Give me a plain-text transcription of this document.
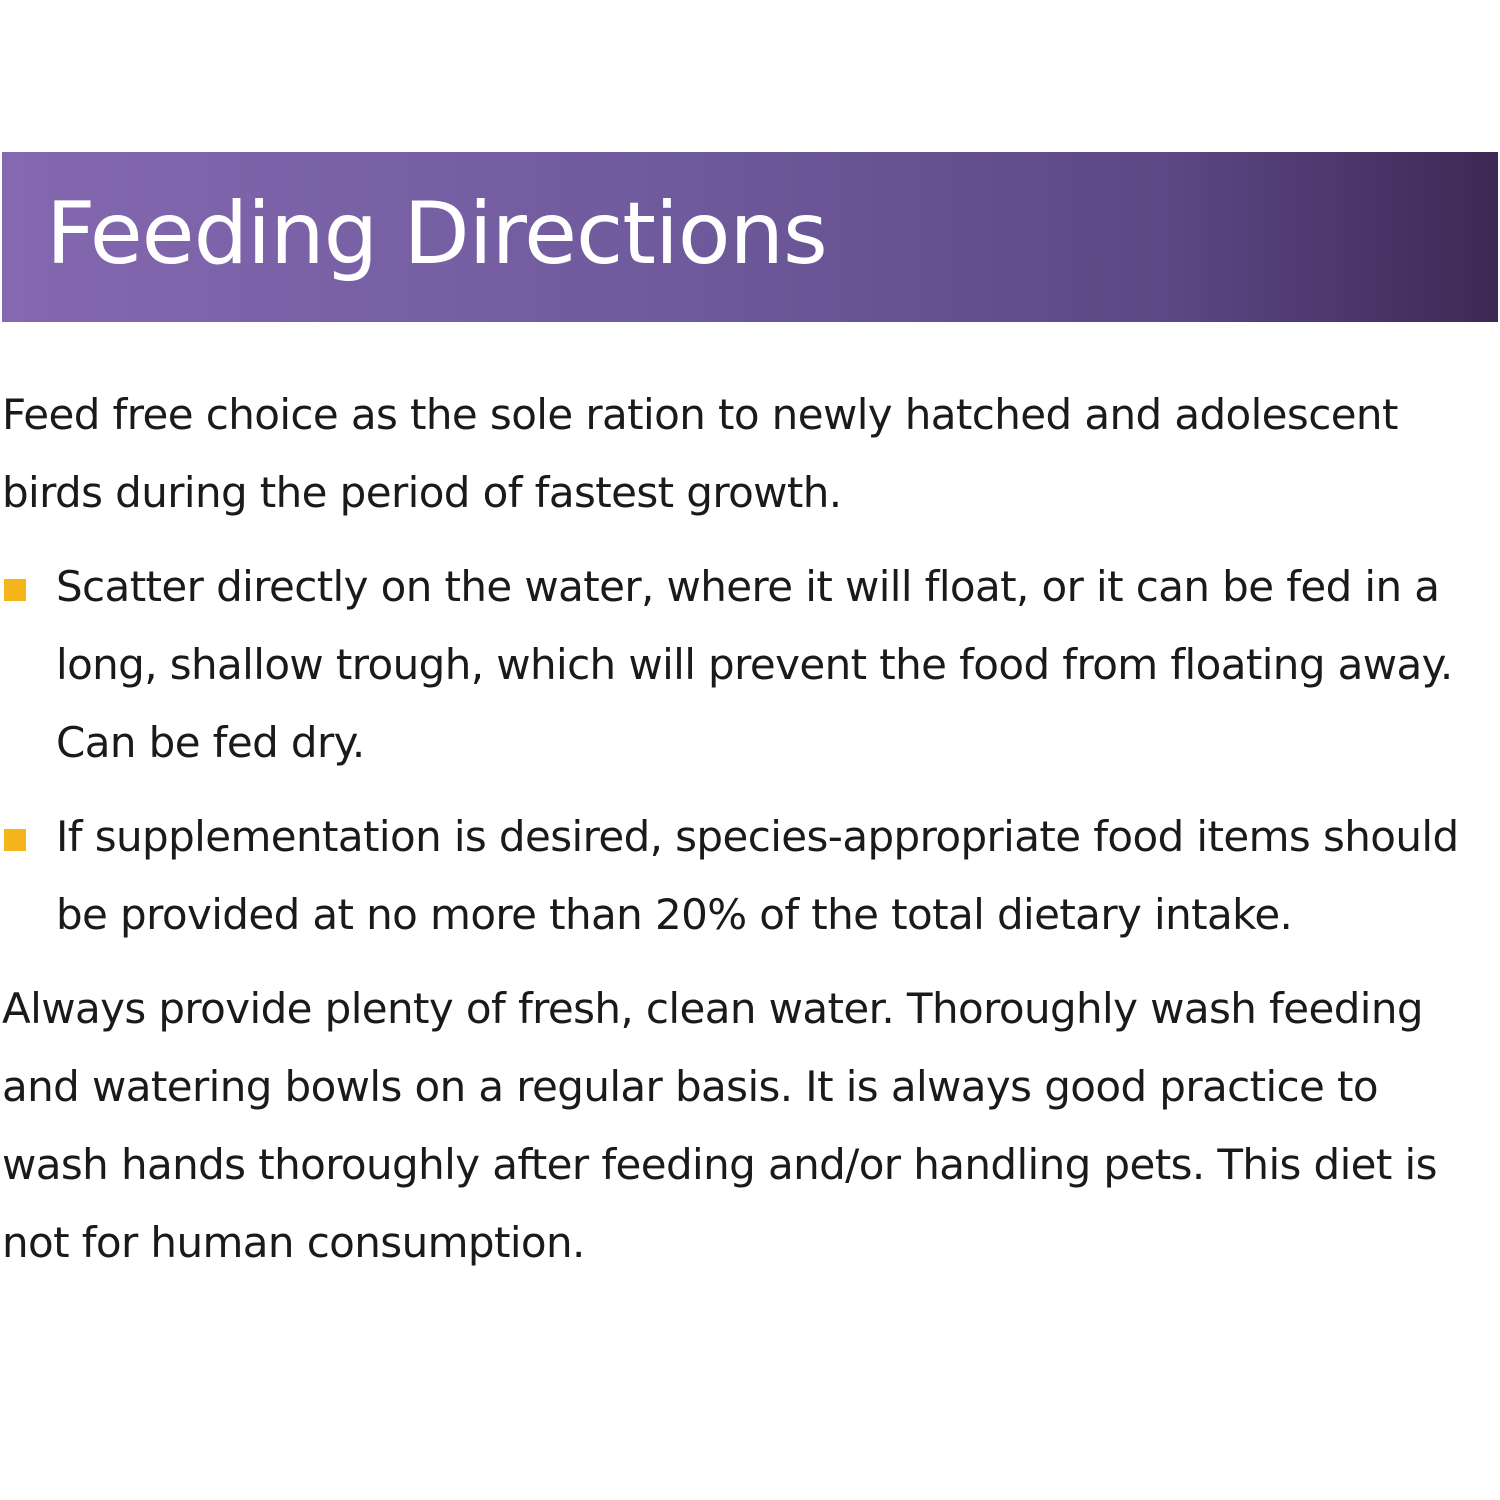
Feeding Directions

Feed free choice as the sole ration to newly hatched and adolescent birds during the period of fastest growth.

Scatter directly on the water, where it will float, or it can be fed in a long, shallow trough, which will prevent the food from floating away. Can be fed dry.
If supplementation is desired, species-appropriate food items should be provided at no more than 20% of the total dietary intake.

Always provide plenty of fresh, clean water. Thoroughly wash feeding and watering bowls on a regular basis. It is always good practice to wash hands thoroughly after feeding and/or handling pets. This diet is not for human consumption.
